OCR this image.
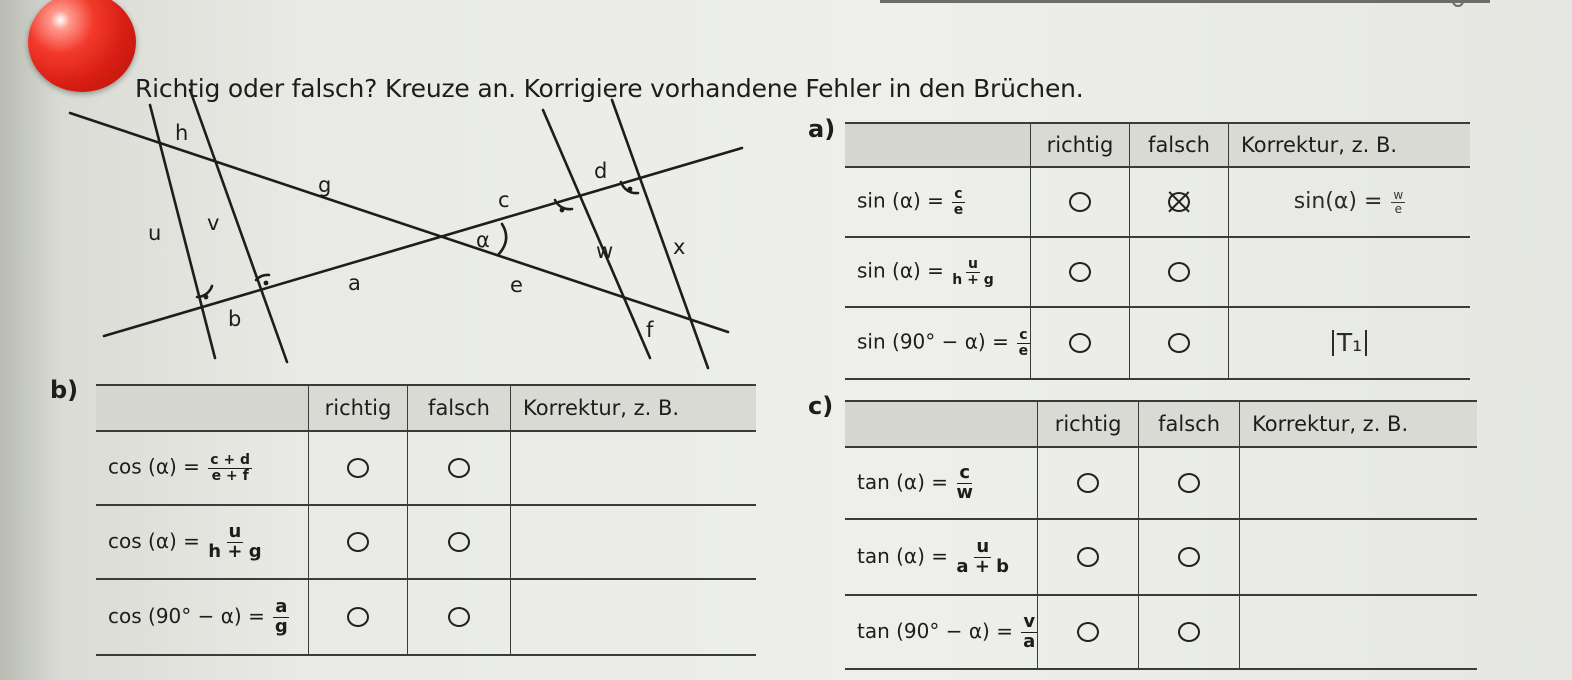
Richtig oder falsch? Kreuze an. Korrigiere vorhandene Fehler in den Brüchen.
h
g
u v
a
b
c
α
d
w	x
e
f
a)
	richtig	falsch	Korrektur, z. B.
$\sin (\alpha) = \frac{c}{e}$			$\sin(\alpha) = \frac{w}{e}$

$\sin (\alpha) = \frac{u}{h + g}$

$\sin (90^\circ - \alpha) = \frac{c}{e}$			T₁
b)
	richtig	falsch	Korrektur, z. B.
$\cos (\alpha) = \frac{c + d}{e + f}$

$\cos (\alpha) = \frac{u}{h + g}$

$\cos (90^\circ - \alpha) = \frac{a}{g}$

c)
	richtig	falsch	Korrektur, z. B.
$\tan (\alpha) = \frac{c}{w}$

$\tan (\alpha) = \frac{u}{a + b}$

$\tan (90^\circ - \alpha) = \frac{v}{a}$
